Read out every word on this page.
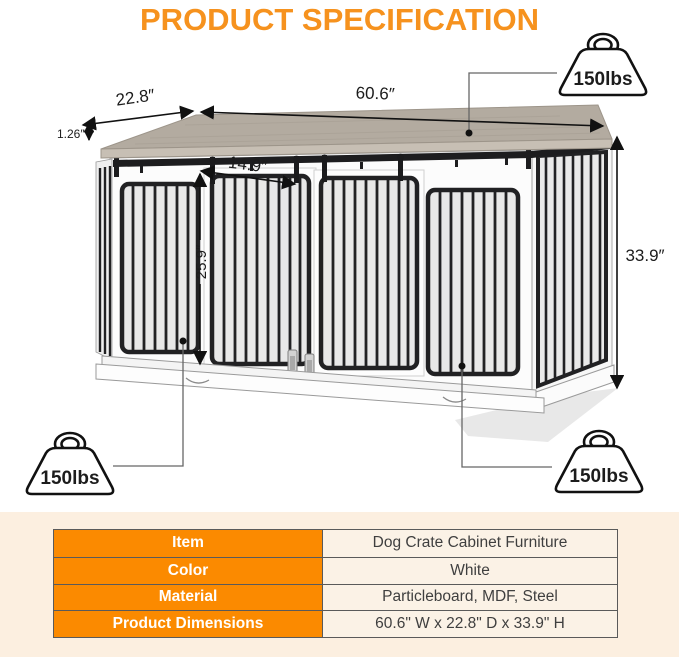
PRODUCT SPECIFICATION
22.8″	60.6″
1.26″
14.9″
25.9″	33.9″
150lbs
150lbs	150lbs
Item	Dog Crate Cabinet Furniture
Color	White
Material	Particleboard, MDF, Steel
Product Dimensions	60.6" W x 22.8" D x 33.9" H
